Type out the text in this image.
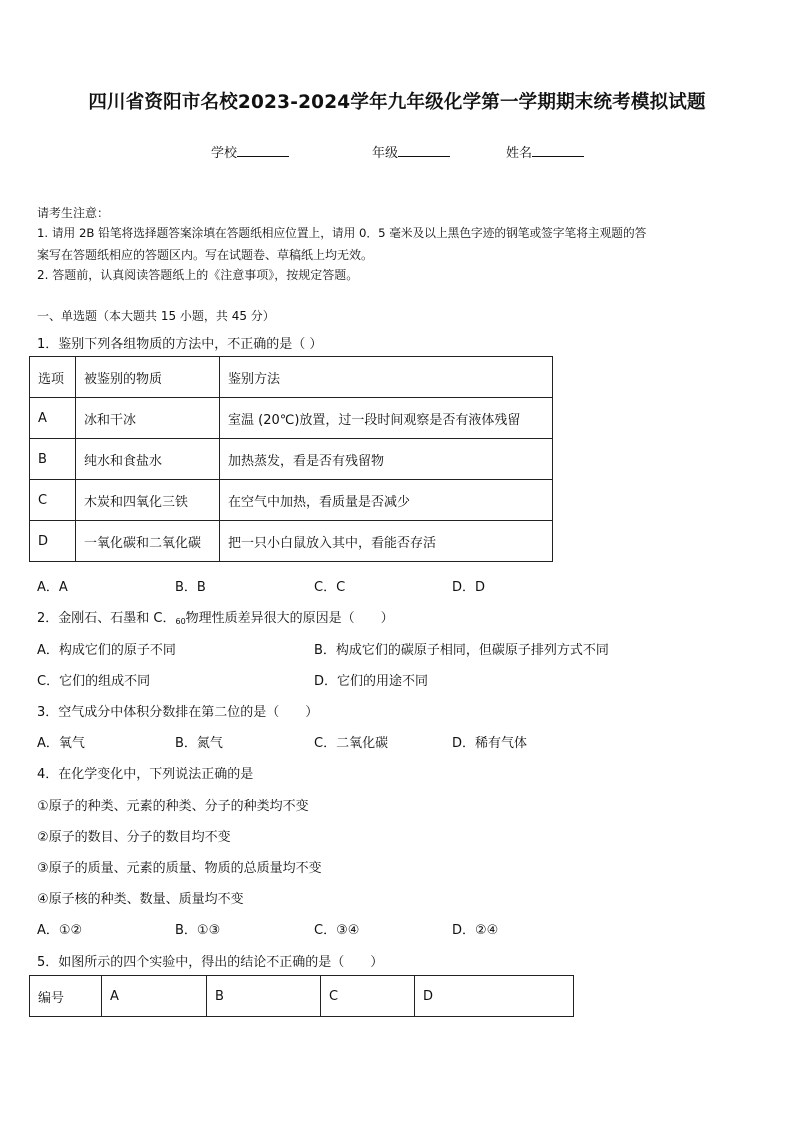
四川省资阳市名校2023-2024学年九年级化学第一学期期末统考模拟试题
学校	年级	姓名
请考生注意：
1. 请用 2B 铅笔将选择题答案涂填在答题纸相应位置上，请用 0．5 毫米及以上黑色字迹的钢笔或签字笔将主观题的答
案写在答题纸相应的答题区内。写在试题卷、草稿纸上均无效。
2. 答题前，认真阅读答题纸上的《注意事项》，按规定答题。
一、单选题（本大题共 15 小题，共 45 分）
1．鉴别下列各组物质的方法中，不正确的是（ ）
选项	被鉴别的物质	鉴别方法
A	冰和干冰	室温 (20℃)放置，过一段时间观察是否有液体残留
B	纯水和食盐水	加热蒸发，看是否有残留物
C	木炭和四氧化三铁	在空气中加热，看质量是否减少
D	一氧化碳和二氧化碳	把一只小白鼠放入其中，看能否存活
A．A	B．B	C．C	D．D
2．金刚石、石墨和 C．$_{60}$物理性质差异很大的原因是（　　）
A．构成它们的原子不同	B．构成它们的碳原子相同，但碳原子排列方式不同
C．它们的组成不同	D．它们的用途不同
3．空气成分中体积分数排在第二位的是（　　）
A．氧气	B．氮气	C．二氧化碳	D．稀有气体
4．在化学变化中，下列说法正确的是
①原子的种类、元素的种类、分子的种类均不变
②原子的数目、分子的数目均不变
③原子的质量、元素的质量、物质的总质量均不变
④原子核的种类、数量、质量均不变
A．①②	B．①③	C．③④	D．②④
5．如图所示的四个实验中，得出的结论不正确的是（　　）
编号	A	B	C	D
